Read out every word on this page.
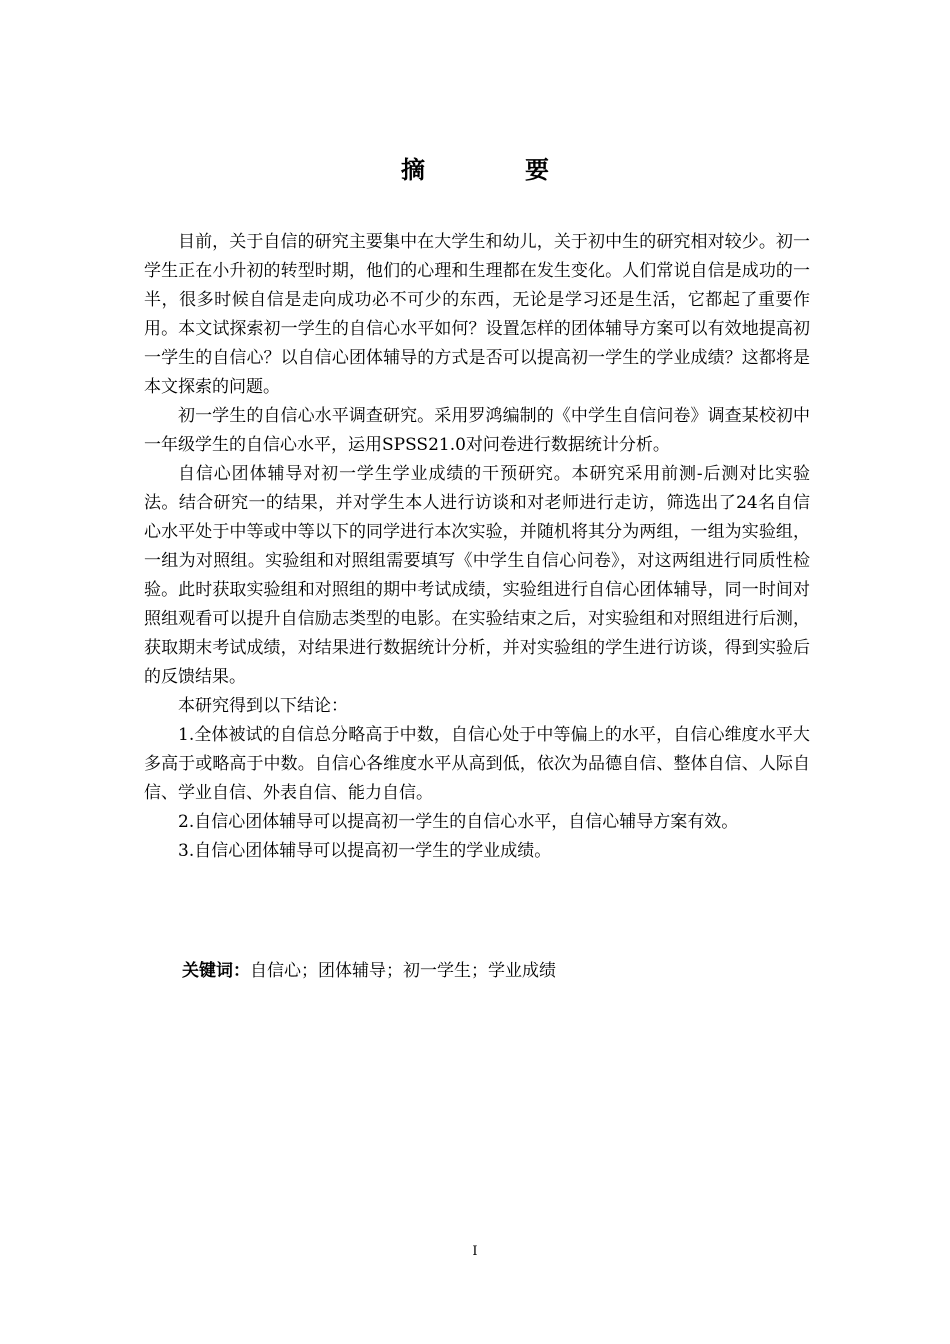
摘　要

目前，关于自信的研究主要集中在大学生和幼儿，关于初中生的研究相对较少。初一学生正在小升初的转型时期，他们的心理和生理都在发生变化。人们常说自信是成功的一半，很多时候自信是走向成功必不可少的东西，无论是学习还是生活，它都起了重要作用。本文试探索初一学生的自信心水平如何？设置怎样的团体辅导方案可以有效地提高初一学生的自信心？以自信心团体辅导的方式是否可以提高初一学生的学业成绩？这都将是本文探索的问题。

初一学生的自信心水平调查研究。采用罗鸿编制的《中学生自信问卷》调查某校初中一年级学生的自信心水平，运用SPSS21.0对问卷进行数据统计分析。

自信心团体辅导对初一学生学业成绩的干预研究。本研究采用前测-后测对比实验法。结合研究一的结果，并对学生本人进行访谈和对老师进行走访，筛选出了24名自信心水平处于中等或中等以下的同学进行本次实验，并随机将其分为两组，一组为实验组，一组为对照组。实验组和对照组需要填写《中学生自信心问卷》，对这两组进行同质性检验。此时获取实验组和对照组的期中考试成绩，实验组进行自信心团体辅导，同一时间对照组观看可以提升自信励志类型的电影。在实验结束之后，对实验组和对照组进行后测，获取期末考试成绩，对结果进行数据统计分析，并对实验组的学生进行访谈，得到实验后的反馈结果。

本研究得到以下结论：

1.全体被试的自信总分略高于中数，自信心处于中等偏上的水平，自信心维度水平大多高于或略高于中数。自信心各维度水平从高到低，依次为品德自信、整体自信、人际自信、学业自信、外表自信、能力自信。

2.自信心团体辅导可以提高初一学生的自信心水平，自信心辅导方案有效。

3.自信心团体辅导可以提高初一学生的学业成绩。

关键词：自信心；团体辅导；初一学生；学业成绩
I
